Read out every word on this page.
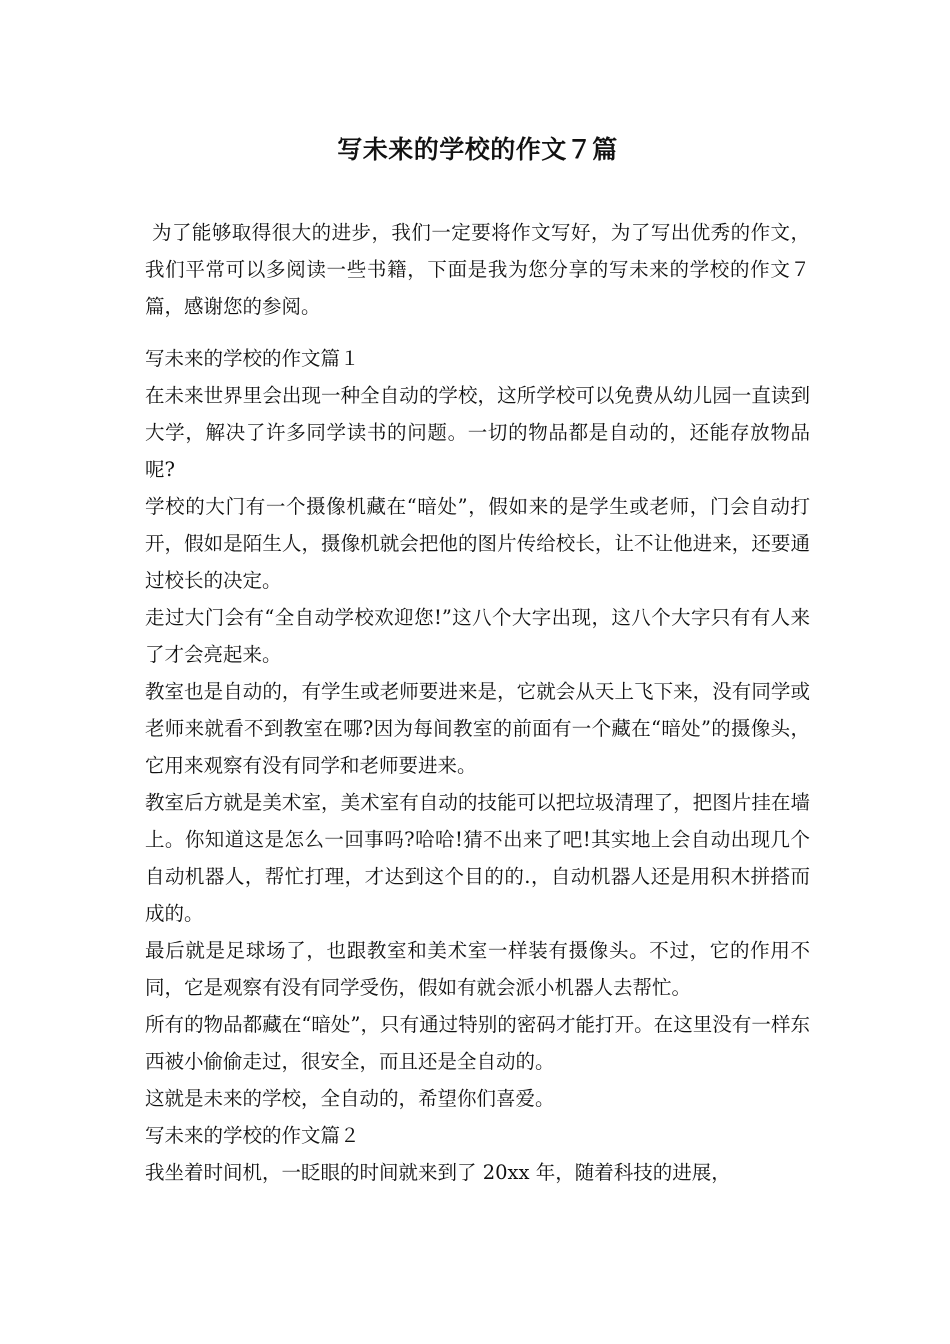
写未来的学校的作文７篇

为了能够取得很大的进步，我们一定要将作文写好，为了写出优秀的作文，我们平常可以多阅读一些书籍，下面是我为您分享的写未来的学校的作文７篇，感谢您的参阅。

写未来的学校的作文篇１

在未来世界里会出现一种全自动的学校，这所学校可以免费从幼儿园一直读到大学，解决了许多同学读书的问题。一切的物品都是自动的，还能存放物品呢?

学校的大门有一个摄像机藏在“暗处”，假如来的是学生或老师，门会自动打开，假如是陌生人，摄像机就会把他的图片传给校长，让不让他进来，还要通过校长的决定。

走过大门会有“全自动学校欢迎您!”这八个大字出现，这八个大字只有有人来了才会亮起来。

教室也是自动的，有学生或老师要进来是，它就会从天上飞下来，没有同学或老师来就看不到教室在哪?因为每间教室的前面有一个藏在“暗处”的摄像头，它用来观察有没有同学和老师要进来。

教室后方就是美术室，美术室有自动的技能可以把垃圾清理了，把图片挂在墙上。你知道这是怎么一回事吗?哈哈!猜不出来了吧!其实地上会自动出现几个自动机器人，帮忙打理，才达到这个目的的.，自动机器人还是用积木拼搭而成的。

最后就是足球场了，也跟教室和美术室一样装有摄像头。不过，它的作用不同，它是观察有没有同学受伤，假如有就会派小机器人去帮忙。

所有的物品都藏在“暗处”，只有通过特别的密码才能打开。在这里没有一样东西被小偷偷走过，很安全，而且还是全自动的。

这就是未来的学校，全自动的，希望你们喜爱。

写未来的学校的作文篇２

我坐着时间机，一眨眼的时间就来到了 20xx 年，随着科技的进展，
